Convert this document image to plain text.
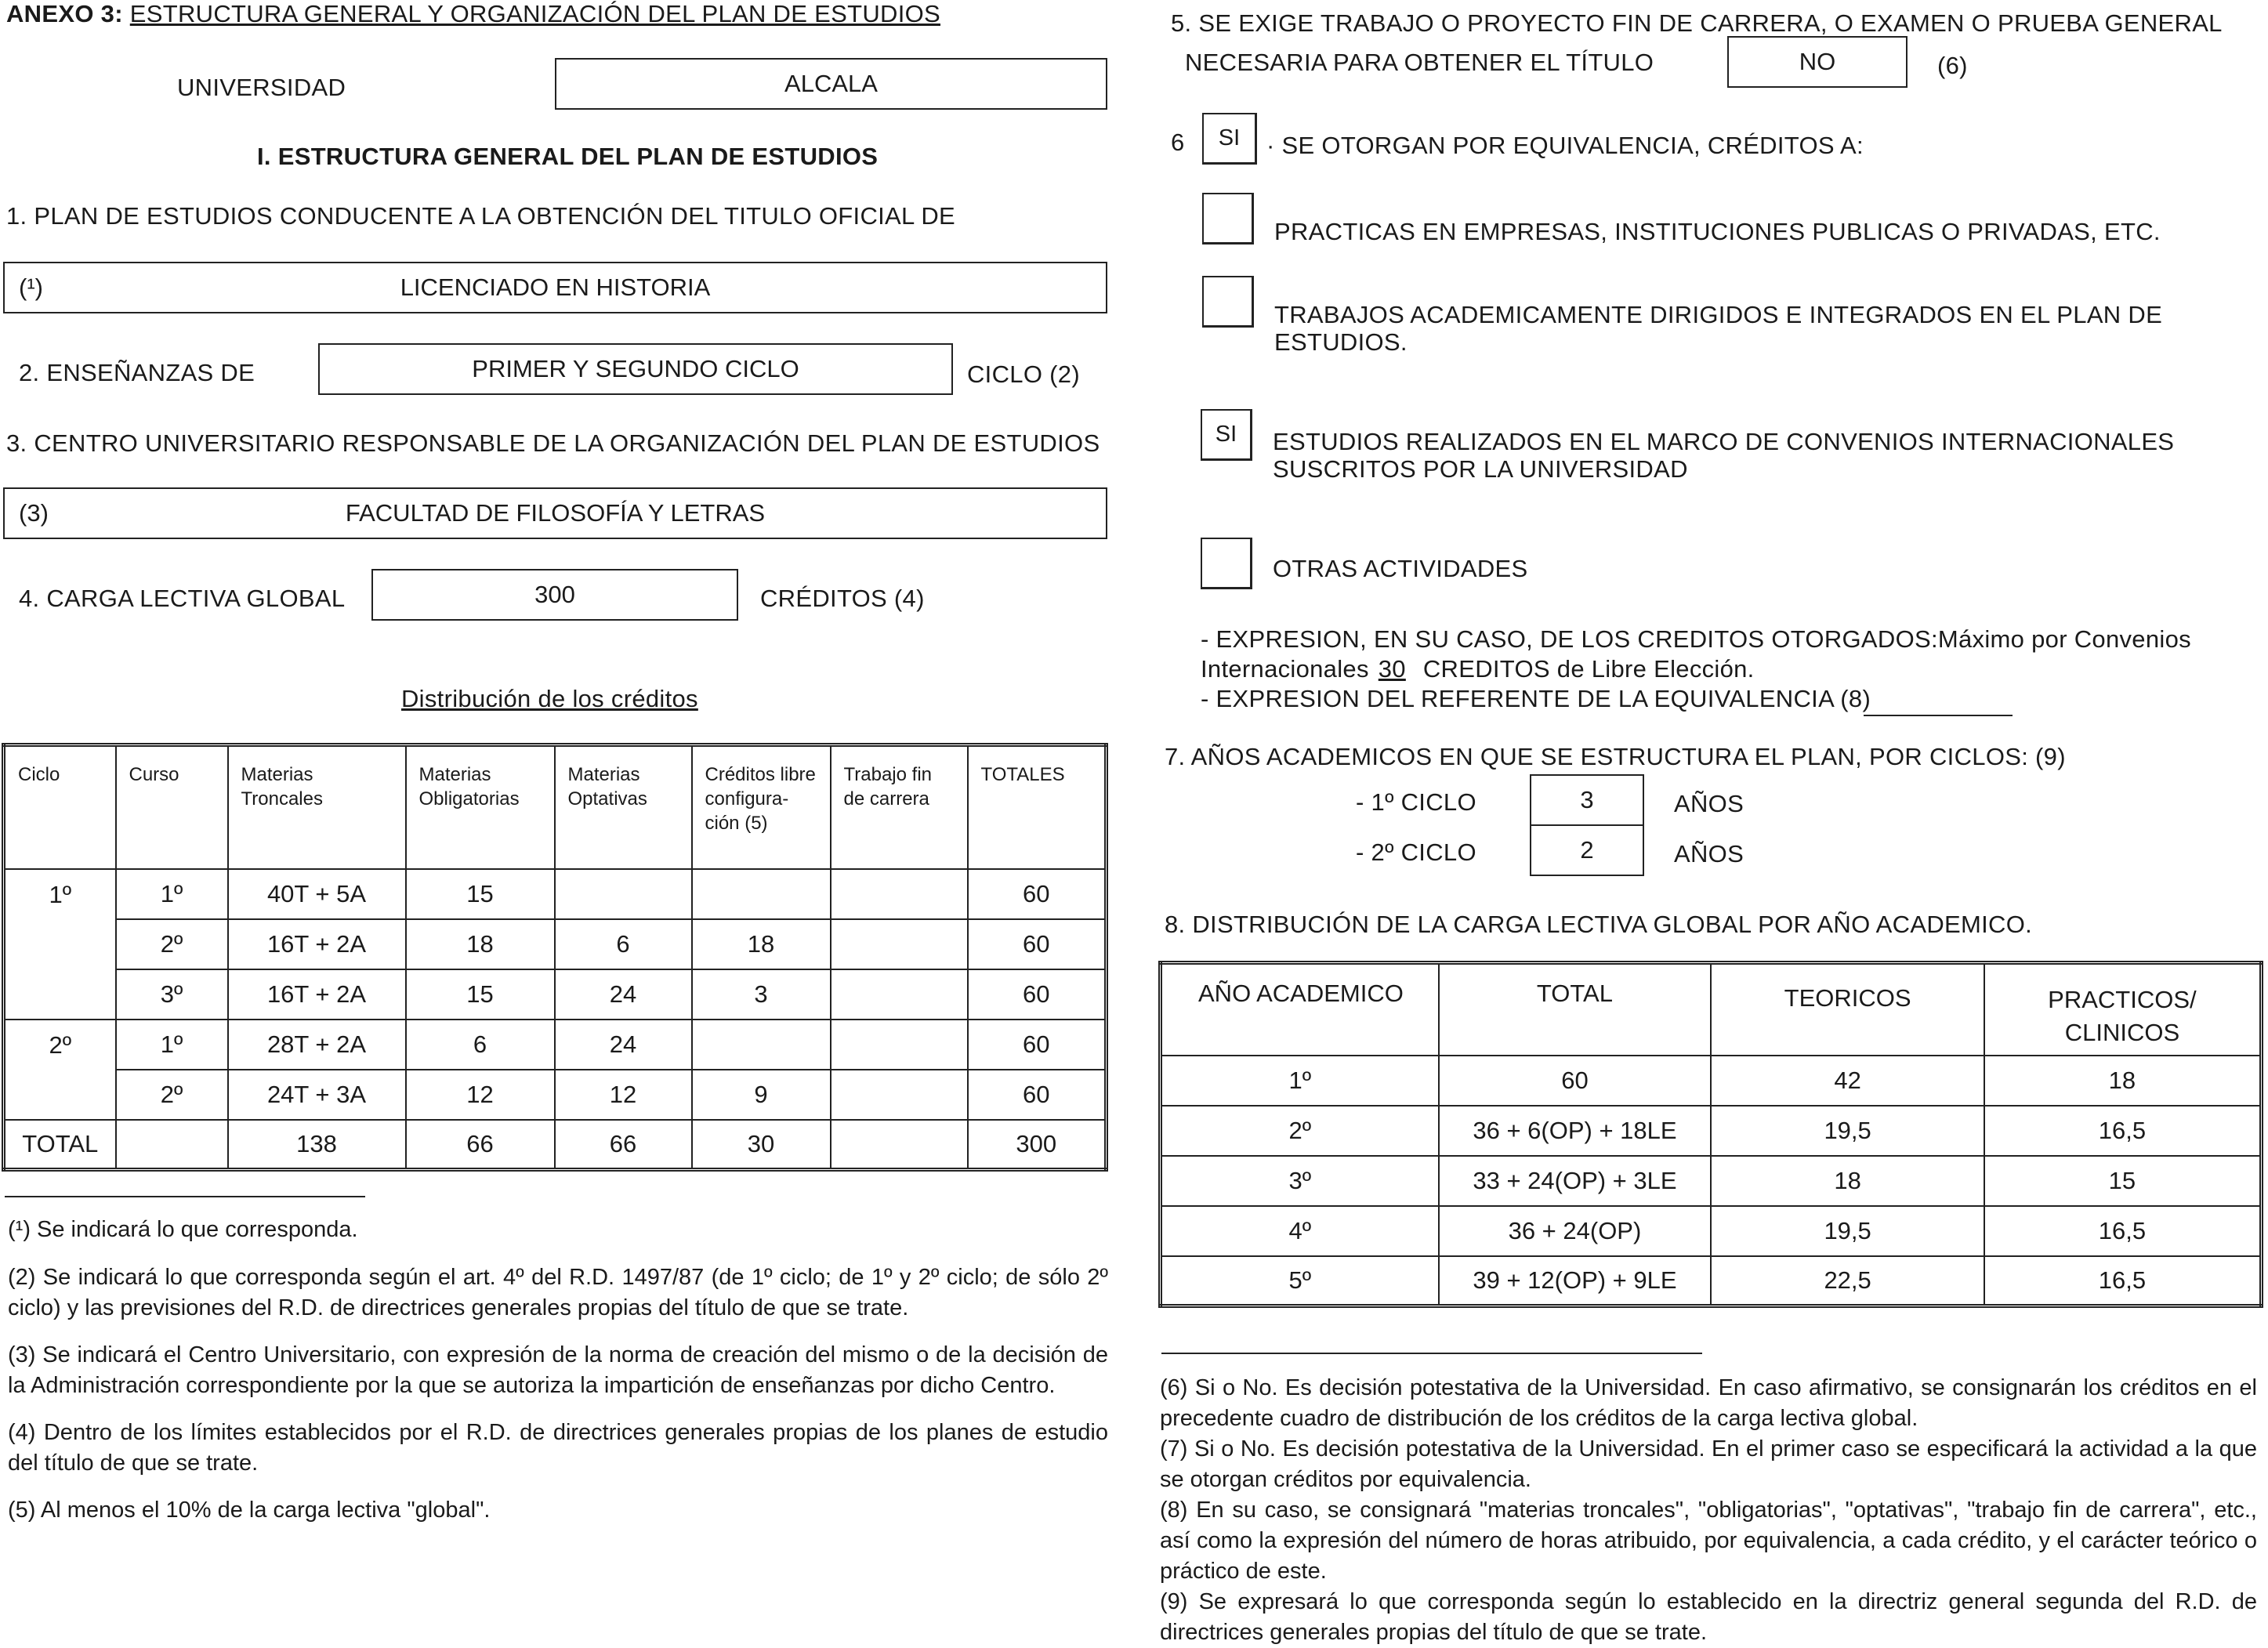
ANEXO 3: ESTRUCTURA GENERAL Y ORGANIZACIÓN DEL PLAN DE ESTUDIOS
UNIVERSIDAD	ALCALA
I. ESTRUCTURA GENERAL DEL PLAN DE ESTUDIOS
1. PLAN DE ESTUDIOS CONDUCENTE A LA OBTENCIÓN DEL TITULO OFICIAL DE
(¹)	LICENCIADO EN HISTORIA
2. ENSEÑANZAS DE	PRIMER Y SEGUNDO CICLO	CICLO (2)
3. CENTRO UNIVERSITARIO RESPONSABLE DE LA ORGANIZACIÓN DEL PLAN DE ESTUDIOS
(3)	FACULTAD DE FILOSOFÍA Y LETRAS
4. CARGA LECTIVA GLOBAL	300	CRÉDITOS (4)
Distribución de los créditos
Ciclo	Curso	Materias Troncales	Materias Obligatorias	Materias Optativas	Créditos libre configura-ción (5)	Trabajo fin de carrera	TOTALES
1º	1º	40T + 5A	15				60
	2º	16T + 2A	18	6	18		60
	3º	16T + 2A	15	24	3		60
2º	1º	28T + 2A	6	24			60
	2º	24T + 3A	12	12	9		60
TOTAL		138	66	66	30		300

(¹) Se indicará lo que corresponda.

(2) Se indicará lo que corresponda según el art. 4º del R.D. 1497/87 (de 1º ciclo; de 1º y 2º ciclo; de sólo 2º ciclo) y las previsiones del R.D. de directrices generales propias del título de que se trate.

(3) Se indicará el Centro Universitario, con expresión de la norma de creación del mismo o de la decisión de la Administración correspondiente por la que se autoriza la impartición de enseñanzas por dicho Centro.

(4) Dentro de los límites establecidos por el R.D. de directrices generales propias de los planes de estudio del título de que se trate.

(5) Al menos el 10% de la carga lectiva "global".

5. SE EXIGE TRABAJO O PROYECTO FIN DE CARRERA, O EXAMEN O PRUEBA GENERAL
NECESARIA PARA OBTENER EL TÍTULO	NO	(6)
6 SI · SE OTORGAN POR EQUIVALENCIA, CRÉDITOS A:
PRACTICAS EN EMPRESAS, INSTITUCIONES PUBLICAS O PRIVADAS, ETC.
TRABAJOS ACADEMICAMENTE DIRIGIDOS E INTEGRADOS EN EL PLAN DE ESTUDIOS.
SI ESTUDIOS REALIZADOS EN EL MARCO DE CONVENIOS INTERNACIONALES SUSCRITOS POR LA UNIVERSIDAD
OTRAS ACTIVIDADES
- EXPRESION, EN SU CASO, DE LOS CREDITOS OTORGADOS:Máximo por Convenios
Internacionales 30 CREDITOS de Libre Elección.
- EXPRESION DEL REFERENTE DE LA EQUIVALENCIA (8)
7. AÑOS ACADEMICOS EN QUE SE ESTRUCTURA EL PLAN, POR CICLOS: (9)
- 1º CICLO	3	AÑOS
- 2º CICLO	2	AÑOS
8. DISTRIBUCIÓN DE LA CARGA LECTIVA GLOBAL POR AÑO ACADEMICO.
AÑO ACADEMICO	TOTAL	TEORICOS	PRACTICOS/ CLINICOS
1º	60	42	18
2º	36 + 6(OP) + 18LE	19,5	16,5
3º	33 + 24(OP) + 3LE	18	15
4º	36 + 24(OP)	19,5	16,5
5º	39 + 12(OP) + 9LE	22,5	16,5

(6) Si o No. Es decisión potestativa de la Universidad. En caso afirmativo, se consignarán los créditos en el precedente cuadro de distribución de los créditos de la carga lectiva global.

(7) Si o No. Es decisión potestativa de la Universidad. En el primer caso se especificará la actividad a la que se otorgan créditos por equivalencia.

(8) En su caso, se consignará "materias troncales", "obligatorias", "optativas", "trabajo fin de carrera", etc., así como la expresión del número de horas atribuido, por equivalencia, a cada crédito, y el carácter teórico o práctico de este.

(9) Se expresará lo que corresponda según lo establecido en la directriz general segunda del R.D. de directrices generales propias del título de que se trate.
